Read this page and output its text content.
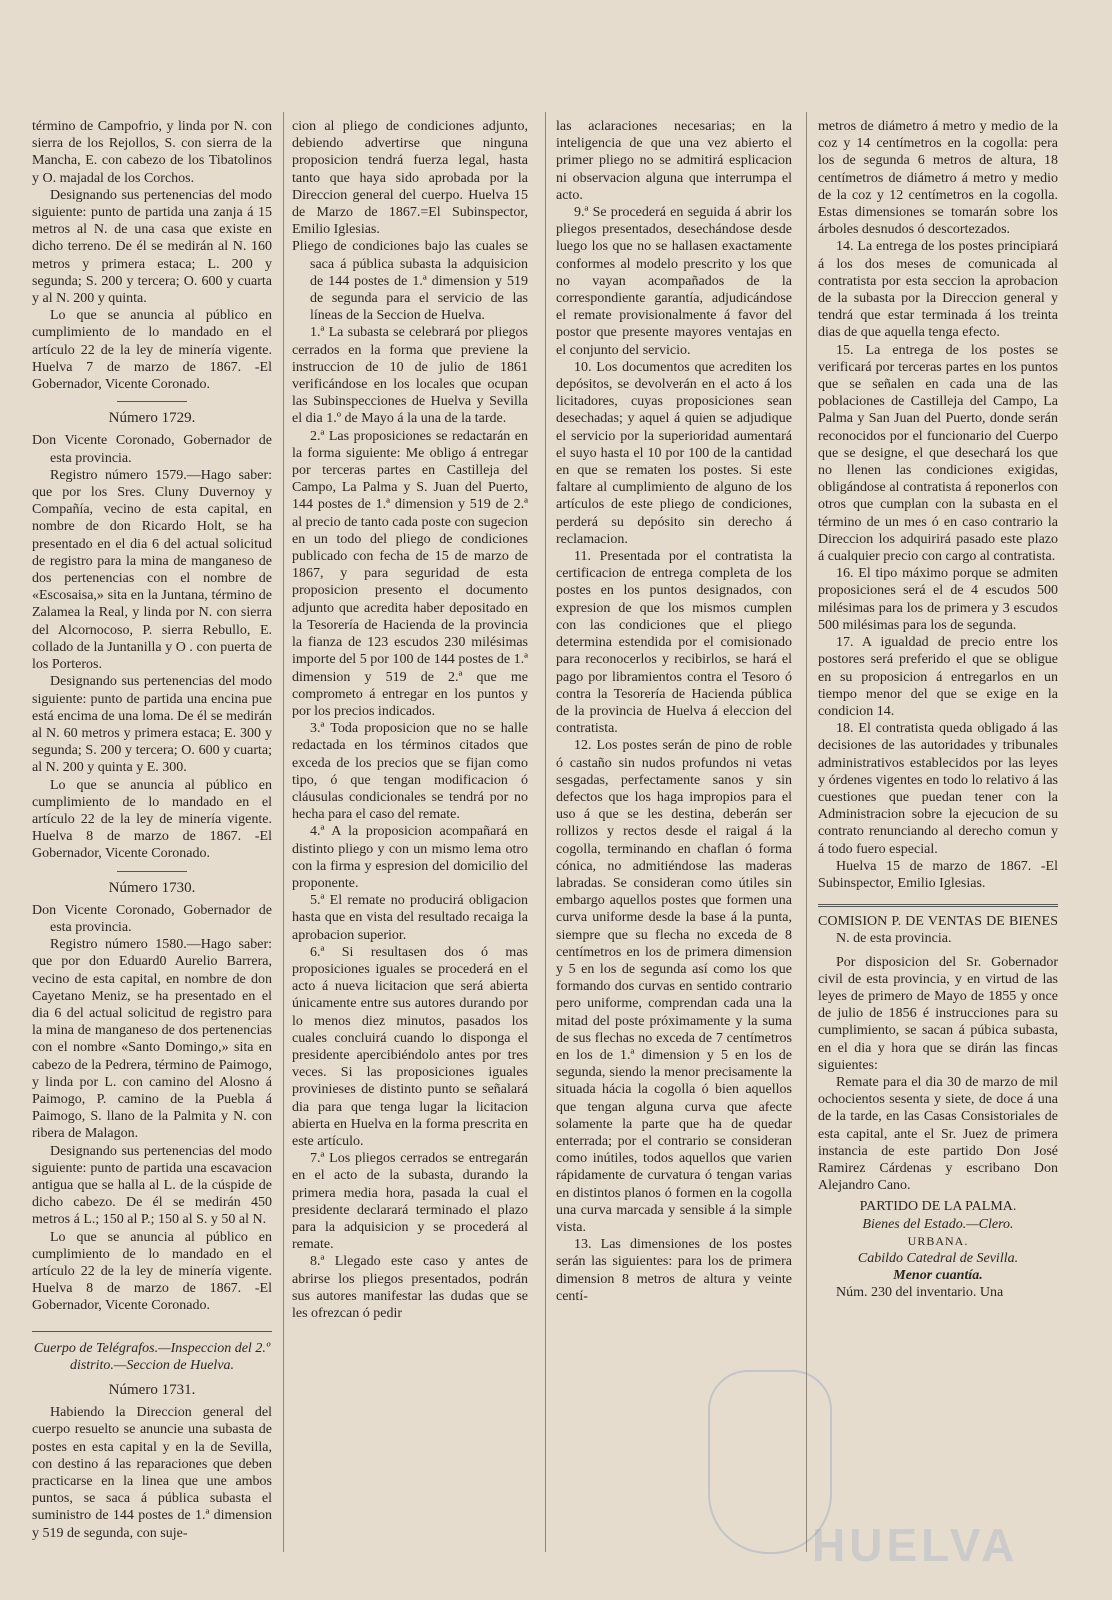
término de Campofrio, y linda por N. con sierra de los Rejollos, S. con sierra de la Mancha, E. con cabezo de los Tibatolinos y O. majadal de los Corchos.

Designando sus pertenencias del modo siguiente: punto de partida una zanja á 15 metros al N. de una casa que existe en dicho terreno. De él se medirán al N. 160 metros y primera estaca; L. 200 y segunda; S. 200 y tercera; O. 600 y cuarta y al N. 200 y quinta.

Lo que se anuncia al público en cumplimiento de lo mandado en el artículo 22 de la ley de minería vigente. Huelva 7 de marzo de 1867. -El Gobernador, Vicente Coronado.

Número 1729.

Don Vicente Coronado, Gobernador de esta provincia.

Registro número 1579.—Hago saber: que por los Sres. Cluny Duvernoy y Compañía, vecino de esta capital, en nombre de don Ricardo Holt, se ha presentado en el dia 6 del actual solicitud de registro para la mina de manganeso de dos pertenencias con el nombre de «Escosaisa,» sita en la Juntana, término de Zalamea la Real, y linda por N. con sierra del Alcornocoso, P. sierra Rebullo, E. collado de la Juntanilla y O . con puerta de los Porteros.

Designando sus pertenencias del modo siguiente: punto de partida una encina pue está encima de una loma. De él se medirán al N. 60 metros y primera estaca; E. 300 y segunda; S. 200 y tercera; O. 600 y cuarta; al N. 200 y quinta y E. 300.

Lo que se anuncia al público en cumplimiento de lo mandado en el artículo 22 de la ley de minería vigente. Huelva 8 de marzo de 1867. -El Gobernador, Vicente Coronado.

Número 1730.

Don Vicente Coronado, Gobernador de esta provincia.

Registro número 1580.—Hago saber: que por don Eduard0 Aurelio Barrera, vecino de esta capital, en nombre de don Cayetano Meniz, se ha presentado en el dia 6 del actual solicitud de registro para la mina de manganeso de dos pertenencias con el nombre «Santo Domingo,» sita en cabezo de la Pedrera, término de Paimogo, y linda por L. con camino del Alosno á Paimogo, P. camino de la Puebla á Paimogo, S. llano de la Palmita y N. con ribera de Malagon.

Designando sus pertenencias del modo siguiente: punto de partida una escavacion antigua que se halla al L. de la cúspide de dicho cabezo. De él se medirán 450 metros á L.; 150 al P.; 150 al S. y 50 al N.

Lo que se anuncia al público en cumplimiento de lo mandado en el artículo 22 de la ley de minería vigente. Huelva 8 de marzo de 1867. -El Gobernador, Vicente Coronado.

Cuerpo de Telégrafos.—Inspeccion del 2.º distrito.—Seccion de Huelva.

Número 1731.

Habiendo la Direccion general del cuerpo resuelto se anuncie una subasta de postes en esta capital y en la de Sevilla, con destino á las reparaciones que deben practicarse en la linea que une ambos puntos, se saca á pública subasta el suministro de 144 postes de 1.ª dimension y 519 de segunda, con suje-

cion al pliego de condiciones adjunto, debiendo advertirse que ninguna proposicion tendrá fuerza legal, hasta tanto que haya sido aprobada por la Direccion general del cuerpo. Huelva 15 de Marzo de 1867.=El Subinspector, Emilio Iglesias.

Pliego de condiciones bajo las cuales se saca á pública subasta la adquisicion de 144 postes de 1.ª dimension y 519 de segunda para el servicio de las líneas de la Seccion de Huelva.

1.ª La subasta se celebrará por pliegos cerrados en la forma que previene la instruccion de 10 de julio de 1861 verificándose en los locales que ocupan las Subinspecciones de Huelva y Sevilla el dia 1.º de Mayo á la una de la tarde.

2.ª Las proposiciones se redactarán en la forma siguiente: Me obligo á entregar por terceras partes en Castilleja del Campo, La Palma y S. Juan del Puerto, 144 postes de 1.ª dimension y 519 de 2.ª al precio de tanto cada poste con sugecion en un todo del pliego de condiciones publicado con fecha de 15 de marzo de 1867, y para seguridad de esta proposicion presento el documento adjunto que acredita haber depositado en la Tesorería de Hacienda de la provincia la fianza de 123 escudos 230 milésimas importe del 5 por 100 de 144 postes de 1.ª dimension y 519 de 2.ª que me comprometo á entregar en los puntos y por los precios indicados.

3.ª Toda proposicion que no se halle redactada en los términos citados que exceda de los precios que se fijan como tipo, ó que tengan modificacion ó cláusulas condicionales se tendrá por no hecha para el caso del remate.

4.ª A la proposicion acompañará en distinto pliego y con un mismo lema otro con la firma y espresion del domicilio del proponente.

5.ª El remate no producirá obligacion hasta que en vista del resultado recaiga la aprobacion superior.

6.ª Si resultasen dos ó mas proposiciones iguales se procederá en el acto á nueva licitacion que será abierta únicamente entre sus autores durando por lo menos diez minutos, pasados los cuales concluirá cuando lo disponga el presidente apercibiéndolo antes por tres veces. Si las proposiciones iguales provinieses de distinto punto se señalará dia para que tenga lugar la licitacion abierta en Huelva en la forma prescrita en este artículo.

7.ª Los pliegos cerrados se entregarán en el acto de la subasta, durando la primera media hora, pasada la cual el presidente declarará terminado el plazo para la adquisicion y se procederá al remate.

8.ª Llegado este caso y antes de abrirse los pliegos presentados, podrán sus autores manifestar las dudas que se les ofrezcan ó pedir

las aclaraciones necesarias; en la inteligencia de que una vez abierto el primer pliego no se admitirá esplicacion ni observacion alguna que interrumpa el acto.

9.ª Se procederá en seguida á abrir los pliegos presentados, desechándose desde luego los que no se hallasen exactamente conformes al modelo prescrito y los que no vayan acompañados de la correspondiente garantía, adjudicándose el remate provisionalmente á favor del postor que presente mayores ventajas en el conjunto del servicio.

10. Los documentos que acrediten los depósitos, se devolverán en el acto á los licitadores, cuyas proposiciones sean desechadas; y aquel á quien se adjudique el servicio por la superioridad aumentará el suyo hasta el 10 por 100 de la cantidad en que se rematen los postes. Si este faltare al cumplimiento de alguno de los artículos de este pliego de condiciones, perderá su depósito sin derecho á reclamacion.

11. Presentada por el contratista la certificacion de entrega completa de los postes en los puntos designados, con expresion de que los mismos cumplen con las condiciones que el pliego determina estendida por el comisionado para reconocerlos y recibirlos, se hará el pago por libramientos contra el Tesoro ó contra la Tesorería de Hacienda pública de la provincia de Huelva á eleccion del contratista.

12. Los postes serán de pino de roble ó castaño sin nudos profundos ni vetas sesgadas, perfectamente sanos y sin defectos que los haga impropios para el uso á que se les destina, deberán ser rollizos y rectos desde el raigal á la cogolla, terminando en chaflan ó forma cónica, no admitiéndose las maderas labradas. Se consideran como útiles sin embargo aquellos postes que formen una curva uniforme desde la base á la punta, siempre que su flecha no exceda de 8 centímetros en los de primera dimension y 5 en los de segunda así como los que formando dos curvas en sentido contrario pero uniforme, comprendan cada una la mitad del poste próximamente y la suma de sus flechas no exceda de 7 centímetros en los de 1.ª dimension y 5 en los de segunda, siendo la menor precisamente la situada hácia la cogolla ó bien aquellos que tengan alguna curva que afecte solamente la parte que ha de quedar enterrada; por el contrario se consideran como inútiles, todos aquellos que varien rápidamente de curvatura ó tengan varias en distintos planos ó formen en la cogolla una curva marcada y sensible á la simple vista.

13. Las dimensiones de los postes serán las siguientes: para los de primera dimension 8 metros de altura y veinte centí-

metros de diámetro á metro y medio de la coz y 14 centímetros en la cogolla: pera los de segunda 6 metros de altura, 18 centímetros de diámetro á metro y medio de la coz y 12 centímetros en la cogolla. Estas dimensiones se tomarán sobre los árboles desnudos ó descortezados.

14. La entrega de los postes principiará á los dos meses de comunicada al contratista por esta seccion la aprobacion de la subasta por la Direccion general y tendrá que estar terminada á los treinta dias de que aquella tenga efecto.

15. La entrega de los postes se verificará por terceras partes en los puntos que se señalen en cada una de las poblaciones de Castilleja del Campo, La Palma y San Juan del Puerto, donde serán reconocidos por el funcionario del Cuerpo que se designe, el que desechará los que no llenen las condiciones exigidas, obligándose al contratista á reponerlos con otros que cumplan con la subasta en el término de un mes ó en caso contrario la Direccion los adquirirá pasado este plazo á cualquier precio con cargo al contratista.

16. El tipo máximo porque se admiten proposiciones será el de 4 escudos 500 milésimas para los de primera y 3 escudos 500 milésimas para los de segunda.

17. A igualdad de precio entre los postores será preferido el que se obligue en su proposicion á entregarlos en un tiempo menor del que se exige en la condicion 14.

18. El contratista queda obligado á las decisiones de las autoridades y tribunales administrativos establecidos por las leyes y órdenes vigentes en todo lo relativo á las cuestiones que puedan tener con la Administracion sobre la ejecucion de su contrato renunciando al derecho comun y á todo fuero especial.

Huelva 15 de marzo de 1867. -El Subinspector, Emilio Iglesias.

COMISION P. DE VENTAS DE BIENES N. de esta provincia.

Por disposicion del Sr. Gobernador civil de esta provincia, y en virtud de las leyes de primero de Mayo de 1855 y once de julio de 1856 é instrucciones para su cumplimiento, se sacan á púbica subasta, en el dia y hora que se dirán las fincas siguientes:

Remate para el dia 30 de marzo de mil ochocientos sesenta y siete, de doce á una de la tarde, en las Casas Consistoriales de esta capital, ante el Sr. Juez de primera instancia de este partido Don José Ramirez Cárdenas y escribano Don Alejandro Cano.

PARTIDO DE LA PALMA.

Bienes del Estado.—Clero.

URBANA.

Cabildo Catedral de Sevilla.

Menor cuantía.

Núm. 230 del inventario. Una

HUELVA
